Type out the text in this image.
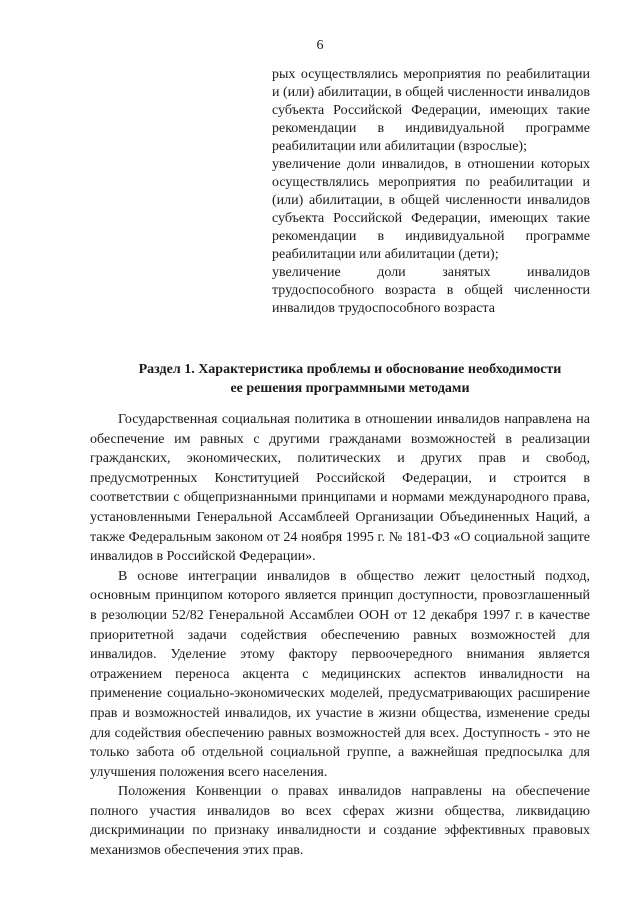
6

рых осуществлялись мероприятия по реабилитации и (или) абилитации, в общей численности инвалидов субъекта Российской Федерации, имеющих такие рекомендации в индивидуальной программе реабилитации или абилитации (взрослые);

увеличение доли инвалидов, в отношении которых осуществлялись мероприятия по реабилитации и (или) абилитации, в общей численности инвалидов субъекта Российской Федерации, имеющих такие рекомендации в индивидуальной программе реабилитации или абилитации (дети);

увеличение доли занятых инвалидов трудоспособного возраста в общей численности инвалидов трудоспособного возраста

Раздел 1. Характеристика проблемы и обоснование необходимости
ее решения программными методами

Государственная социальная политика в отношении инвалидов направлена на обеспечение им равных с другими гражданами возможностей в реализации гражданских, экономических, политических и других прав и свобод, предусмотренных Конституцией Российской Федерации, и строится в соответствии с общепризнанными принципами и нормами международного права, установленными Генеральной Ассамблеей Организации Объединенных Наций, а также Федеральным законом от 24 ноября 1995 г. № 181-ФЗ «О социальной защите инвалидов в Российской Федерации».

В основе интеграции инвалидов в общество лежит целостный подход, основным принципом которого является принцип доступности, провозглашенный в резолюции 52/82 Генеральной Ассамблеи ООН от 12 декабря 1997 г. в качестве приоритетной задачи содействия обеспечению равных возможностей для инвалидов. Уделение этому фактору первоочередного внимания является отражением переноса акцента с медицинских аспектов инвалидности на применение социально-экономических моделей, предусматривающих расширение прав и возможностей инвалидов, их участие в жизни общества, изменение среды для содействия обеспечению равных возможностей для всех. Доступность - это не только забота об отдельной социальной группе, а важнейшая предпосылка для улучшения положения всего населения.

Положения Конвенции о правах инвалидов направлены на обеспечение полного участия инвалидов во всех сферах жизни общества, ликвидацию дискриминации по признаку инвалидности и создание эффективных правовых механизмов обеспечения этих прав.
